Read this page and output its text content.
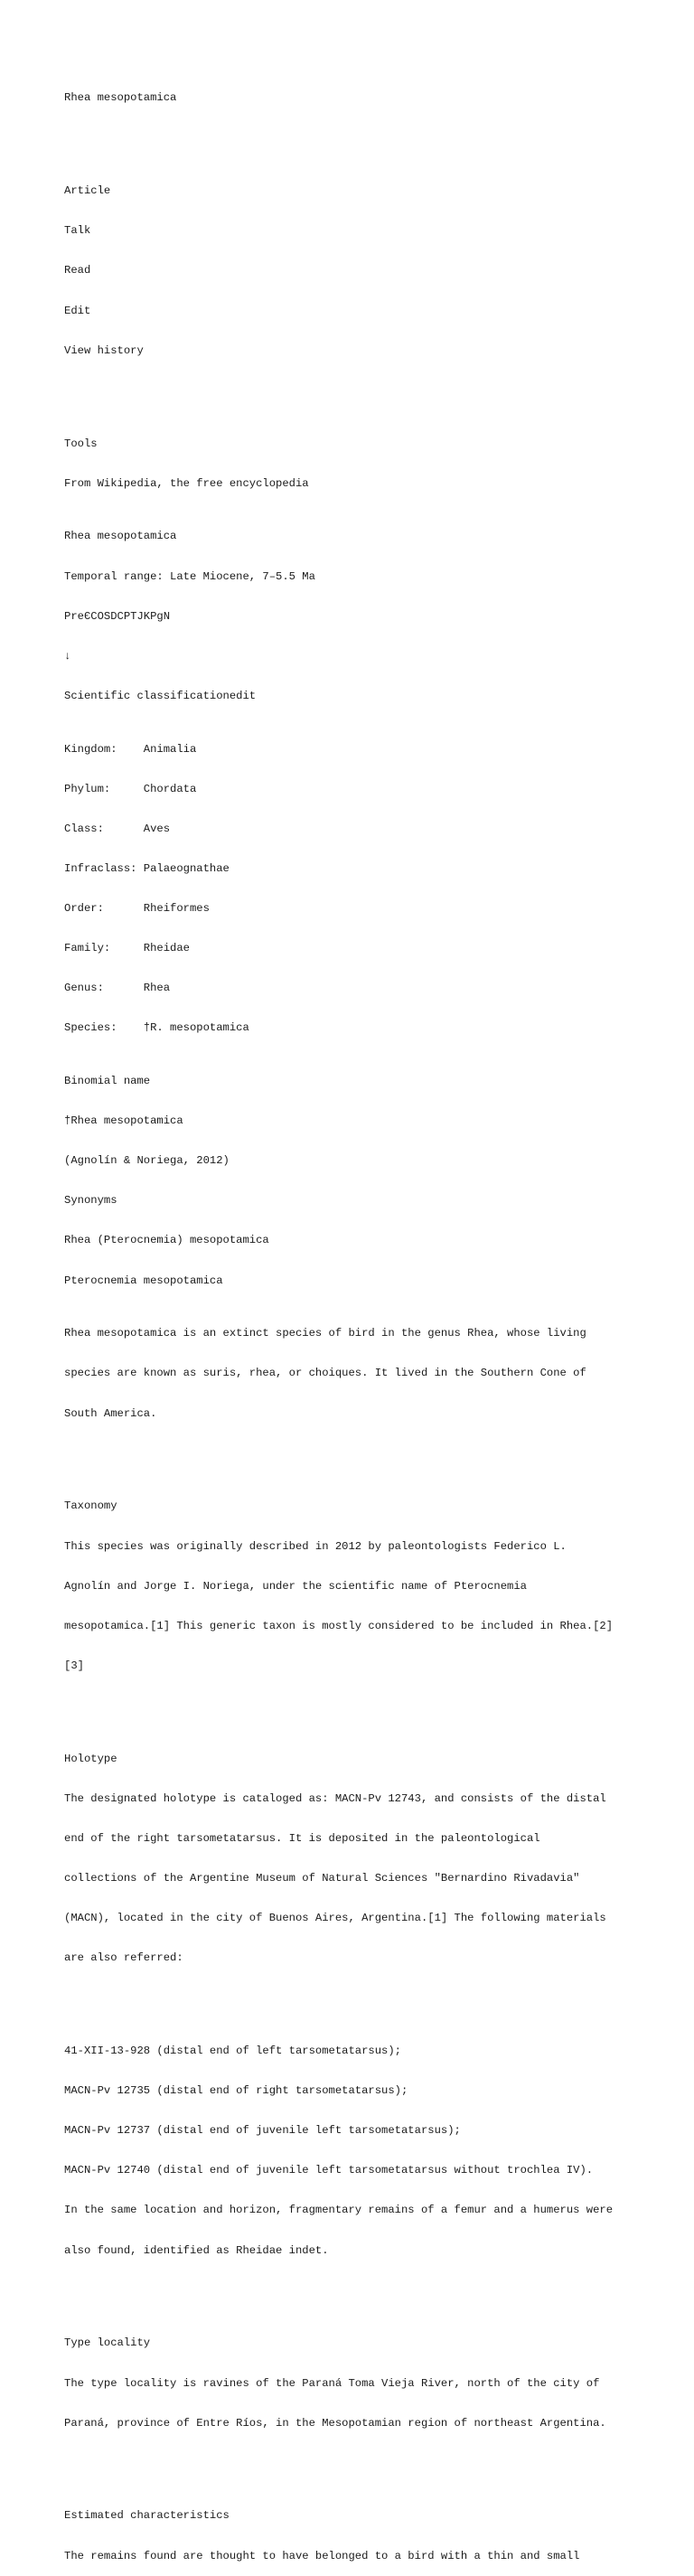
Rhea mesopotamica

Article

Talk

Read

Edit

View history

Tools

From Wikipedia, the free encyclopedia

Rhea mesopotamica

Temporal range: Late Miocene, 7–5.5 Ma

PreЄCOSDCPTJKPgN

↓

Scientific classificationedit

Kingdom:    Animalia

Phylum:     Chordata

Class:      Aves

Infraclass: Palaeognathae

Order:      Rheiformes

Family:     Rheidae

Genus:      Rhea

Species:    †R. mesopotamica

Binomial name

†Rhea mesopotamica

(Agnolín & Noriega, 2012)

Synonyms

Rhea (Pterocnemia) mesopotamica

Pterocnemia mesopotamica

Rhea mesopotamica is an extinct species of bird in the genus Rhea, whose living

species are known as suris, rhea, or choiques. It lived in the Southern Cone of

South America.

Taxonomy

This species was originally described in 2012 by paleontologists Federico L.

Agnolín and Jorge I. Noriega, under the scientific name of Pterocnemia

mesopotamica.[1] This generic taxon is mostly considered to be included in Rhea.[2]

[3]

Holotype

The designated holotype is cataloged as: MACN-Pv 12743, and consists of the distal

end of the right tarsometatarsus. It is deposited in the paleontological

collections of the Argentine Museum of Natural Sciences "Bernardino Rivadavia"

(MACN), located in the city of Buenos Aires, Argentina.[1] The following materials

are also referred:

41-XII-13-928 (distal end of left tarsometatarsus);

MACN-Pv 12735 (distal end of right tarsometatarsus);

MACN-Pv 12737 (distal end of juvenile left tarsometatarsus);

MACN-Pv 12740 (distal end of juvenile left tarsometatarsus without trochlea IV).

In the same location and horizon, fragmentary remains of a femur and a humerus were

also found, identified as Rheidae indet.

Type locality

The type locality is ravines of the Paraná Toma Vieja River, north of the city of

Paraná, province of Entre Ríos, in the Mesopotamian region of northeast Argentina.

Estimated characteristics

The remains found are thought to have belonged to a bird with a thin and small
